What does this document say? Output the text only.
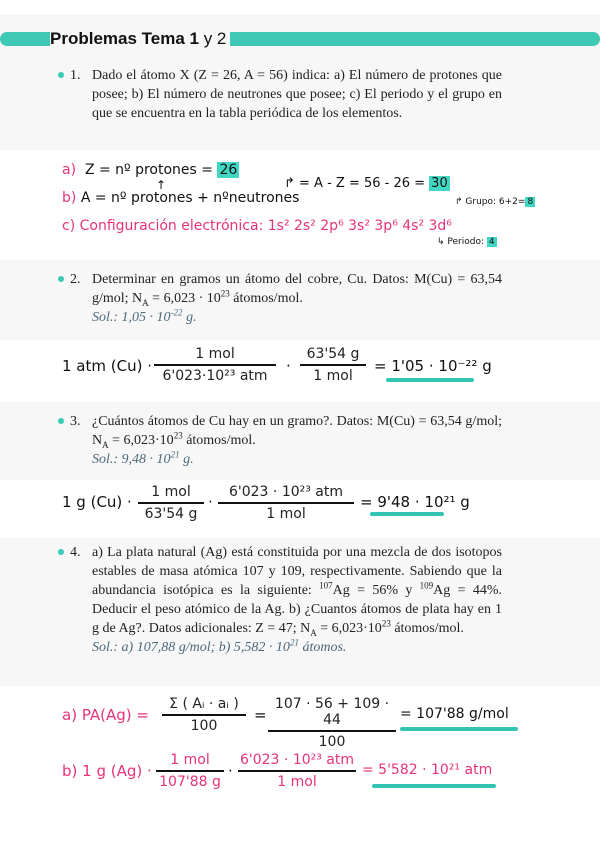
Problemas Tema 1 y 2
1. Dado el átomo X (Z = 26, A = 56) indica: a) El número de protones que posee; b) El número de neutrones que posee; c) El periodo y el grupo en que se encuentra en la tabla periódica de los elementos.
a) Z = nº protones = 26
↑
b) A = nº protones + nºneutrones
↱ = A - Z = 56 - 26 = 30
↱ Grupo: 6+2= 8
c) Configuración electrónica: 1s² 2s² 2p⁶ 3s² 3p⁶ 4s² 3d⁶
↳ Periodo: 4
2. Determinar en gramos un átomo del cobre, Cu. Datos: M(Cu) = 63,54 g/mol; $N_A = 6,023 \cdot 10^{23}$ átomos/mol.
Sol.: $1,05 \cdot 10^{-22}$ g.
1 atm (Cu) ·
1 mol
6'023·10²³ atm
·
63'54 g
1 mol
= 1'05 · 10⁻²² g
3. ¿Cuántos átomos de Cu hay en un gramo?. Datos: M(Cu) = 63,54 g/mol; $N_A = 6,023\cdot 10^{23}$ átomos/mol.
Sol.: $9,48 \cdot 10^{21}$ g.
1 g (Cu) ·
1 mol
63'54 g
·
6'023 · 10²³ atm
1 mol
= 9'48 · 10²¹ g
4. a) La plata natural (Ag) está constituida por una mezcla de dos isotopos estables de masa atómica 107 y 109, respectivamente. Sabiendo que la abundancia isotópica es la siguiente: $^{107}$Ag = 56% y $^{109}$Ag = 44%. Deducir el peso atómico de la Ag. b) ¿Cuantos átomos de plata hay en 1 g de Ag?. Datos adicionales: Z = 47; $N_A = 6,023\cdot 10^{23}$ átomos/mol.
Sol.: a) 107,88 g/mol; b) $5,582 \cdot 10^{21}$ átomos.
a) PA(Ag) =
Σ ( Aᵢ · aᵢ )
100
=
107 · 56 + 109 · 44
100
= 107'88 g/mol
b) 1 g (Ag) ·
1 mol
107'88 g
·
6'023 · 10²³ atm
1 mol
= 5'582 · 10²¹ atm
